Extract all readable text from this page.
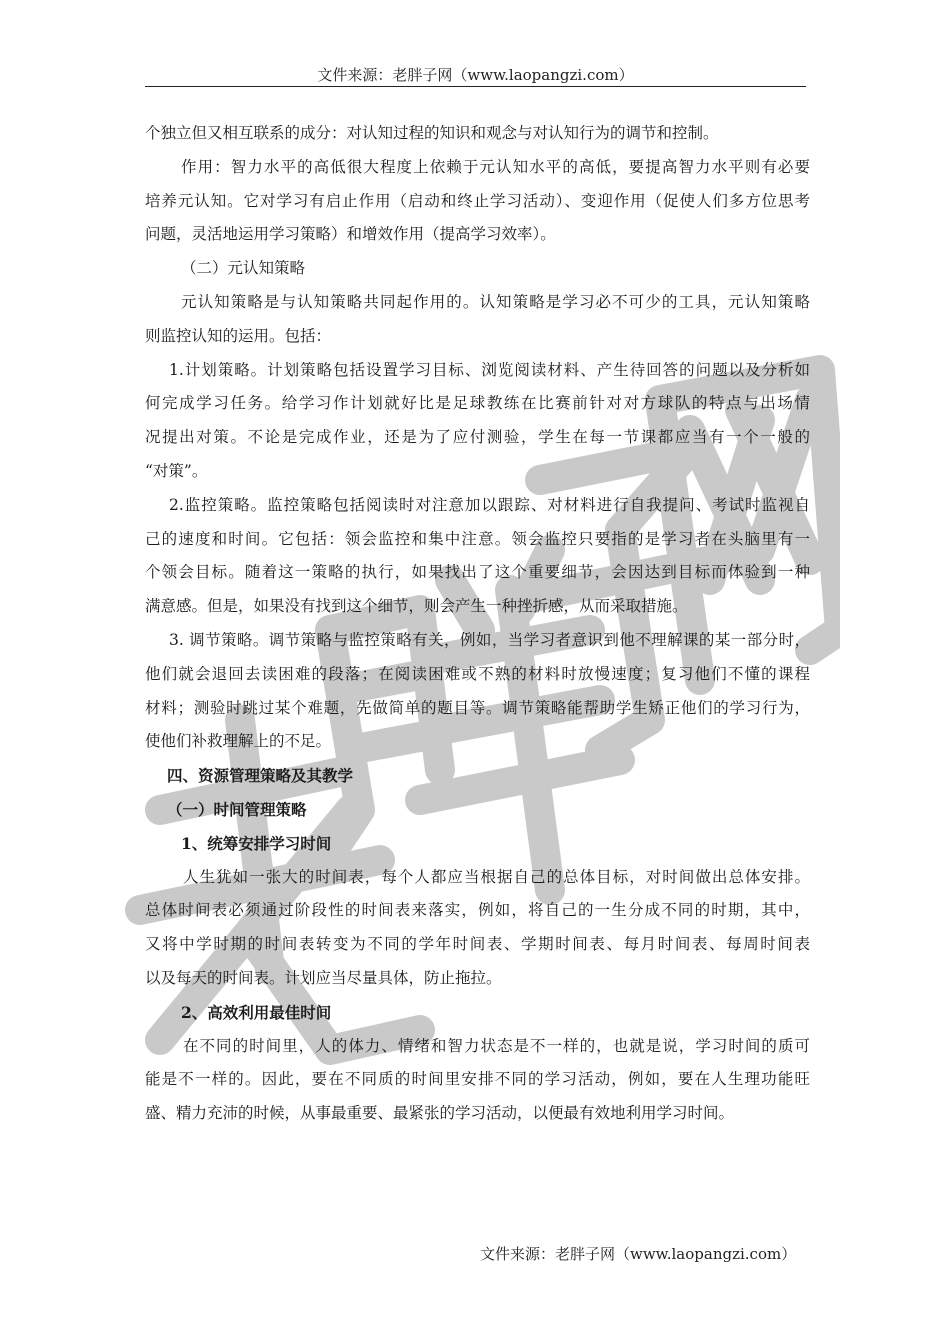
文件来源：老胖子网（www.laopangzi.com）
个独立但又相互联系的成分：对认知过程的知识和观念与对认知行为的调节和控制。
作用：智力水平的高低很大程度上依赖于元认知水平的高低，要提高智力水平则有必要
培养元认知。它对学习有启止作用（启动和终止学习活动）、变迎作用（促使人们多方位思考
问题，灵活地运用学习策略）和增效作用（提高学习效率）。
（二）元认知策略
元认知策略是与认知策略共同起作用的。认知策略是学习必不可少的工具，元认知策略
则监控认知的运用。包括：
1.计划策略。计划策略包括设置学习目标、浏览阅读材料、产生待回答的问题以及分析如
何完成学习任务。给学习作计划就好比是足球教练在比赛前针对对方球队的特点与出场情
况提出对策。不论是完成作业，还是为了应付测验，学生在每一节课都应当有一个一般的
“对策”。
2.监控策略。监控策略包括阅读时对注意加以跟踪、对材料进行自我提问、考试时监视自
己的速度和时间。它包括：领会监控和集中注意。领会监控只要指的是学习者在头脑里有一
个领会目标。随着这一策略的执行，如果找出了这个重要细节，会因达到目标而体验到一种
满意感。但是，如果没有找到这个细节，则会产生一种挫折感，从而采取措施。
3. 调节策略。调节策略与监控策略有关，例如，当学习者意识到他不理解课的某一部分时，
他们就会退回去读困难的段落；在阅读困难或不熟的材料时放慢速度；复习他们不懂的课程
材料；测验时跳过某个难题，先做简单的题目等。调节策略能帮助学生矫正他们的学习行为，
使他们补救理解上的不足。
四、资源管理策略及其教学
（一）时间管理策略
1、统筹安排学习时间
人生犹如一张大的时间表，每个人都应当根据自己的总体目标，对时间做出总体安排。
总体时间表必须通过阶段性的时间表来落实，例如，将自己的一生分成不同的时期，其中，
又将中学时期的时间表转变为不同的学年时间表、学期时间表、每月时间表、每周时间表
以及每天的时间表。计划应当尽量具体，防止拖拉。
2、高效利用最佳时间
在不同的时间里，人的体力、情绪和智力状态是不一样的，也就是说，学习时间的质可
能是不一样的。因此，要在不同质的时间里安排不同的学习活动，例如，要在人生理功能旺
盛、精力充沛的时候，从事最重要、最紧张的学习活动，以便最有效地利用学习时间。
文件来源：老胖子网（www.laopangzi.com）
